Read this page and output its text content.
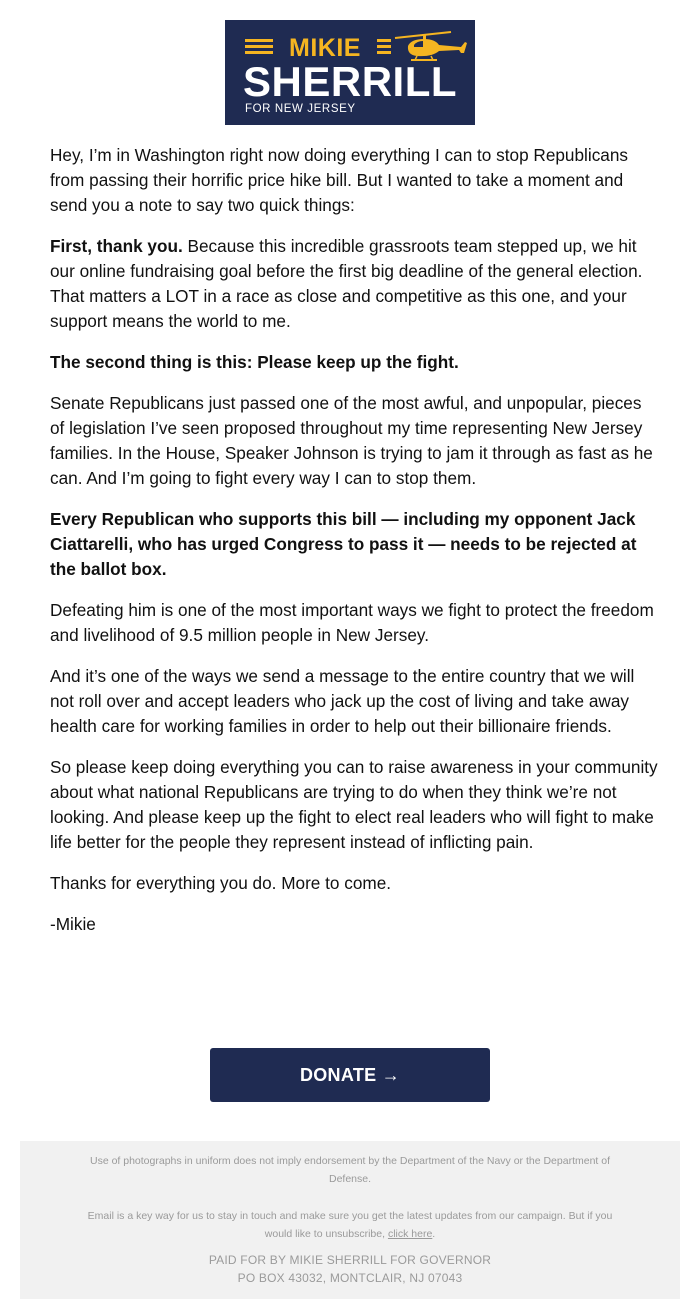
MIKIE
SHERRILL
FOR NEW JERSEY

Hey, I’m in Washington right now doing everything I can to stop Republicans from passing their horrific price hike bill. But I wanted to take a moment and send you a note to say two quick things:

First, thank you. Because this incredible grassroots team stepped up, we hit our online fundraising goal before the first big deadline of the general election. That matters a LOT in a race as close and competitive as this one, and your support means the world to me.

The second thing is this: Please keep up the fight.

Senate Republicans just passed one of the most awful, and unpopular, pieces of legislation I’ve seen proposed throughout my time representing New Jersey families. In the House, Speaker Johnson is trying to jam it through as fast as he can. And I’m going to fight every way I can to stop them.

Every Republican who supports this bill — including my opponent Jack Ciattarelli, who has urged Congress to pass it — needs to be rejected at the ballot box.

Defeating him is one of the most important ways we fight to protect the freedom and livelihood of 9.5 million people in New Jersey.

And it’s one of the ways we send a message to the entire country that we will not roll over and accept leaders who jack up the cost of living and take away health care for working families in order to help out their billionaire friends.

So please keep doing everything you can to raise awareness in your community about what national Republicans are trying to do when they think we’re not looking. And please keep up the fight to elect real leaders who will fight to make life better for the people they represent instead of inflicting pain.

Thanks for everything you do. More to come.

-Mikie

DONATE →
Use of photographs in uniform does not imply endorsement by the Department of the Navy or the Department of Defense.
Email is a key way for us to stay in touch and make sure you get the latest updates from our campaign. But if you would like to unsubscribe, click here.
PAID FOR BY MIKIE SHERRILL FOR GOVERNOR
PO BOX 43032, MONTCLAIR, NJ 07043
